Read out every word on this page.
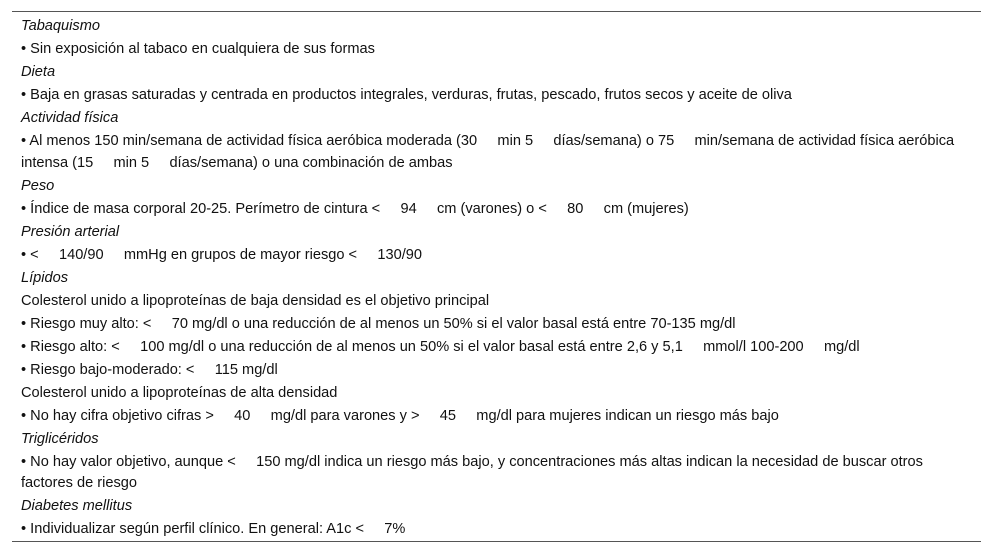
Tabaquismo

• Sin exposición al tabaco en cualquiera de sus formas

Dieta

• Baja en grasas saturadas y centrada en productos integrales, verduras, frutas, pescado, frutos secos y aceite de oliva

Actividad física

• Al menos 150 min/semana de actividad física aeróbica moderada (30     min 5     días/semana) o 75     min/semana de actividad física aeróbica intensa (15     min 5     días/semana) o una combinación de ambas

Peso

• Índice de masa corporal 20-25. Perímetro de cintura <     94     cm (varones) o <     80     cm (mujeres)

Presión arterial

• <     140/90     mmHg en grupos de mayor riesgo <     130/90

Lípidos

Colesterol unido a lipoproteínas de baja densidad es el objetivo principal

• Riesgo muy alto: <     70 mg/dl o una reducción de al menos un 50% si el valor basal está entre 70-135 mg/dl

• Riesgo alto: <     100 mg/dl o una reducción de al menos un 50% si el valor basal está entre 2,6 y 5,1     mmol/l 100-200     mg/dl

• Riesgo bajo-moderado: <     115 mg/dl

Colesterol unido a lipoproteínas de alta densidad

• No hay cifra objetivo cifras >     40     mg/dl para varones y >     45     mg/dl para mujeres indican un riesgo más bajo

Triglicéridos

• No hay valor objetivo, aunque <     150 mg/dl indica un riesgo más bajo, y concentraciones más altas indican la necesidad de buscar otros factores de riesgo

Diabetes mellitus

• Individualizar según perfil clínico. En general: A1c <     7%
